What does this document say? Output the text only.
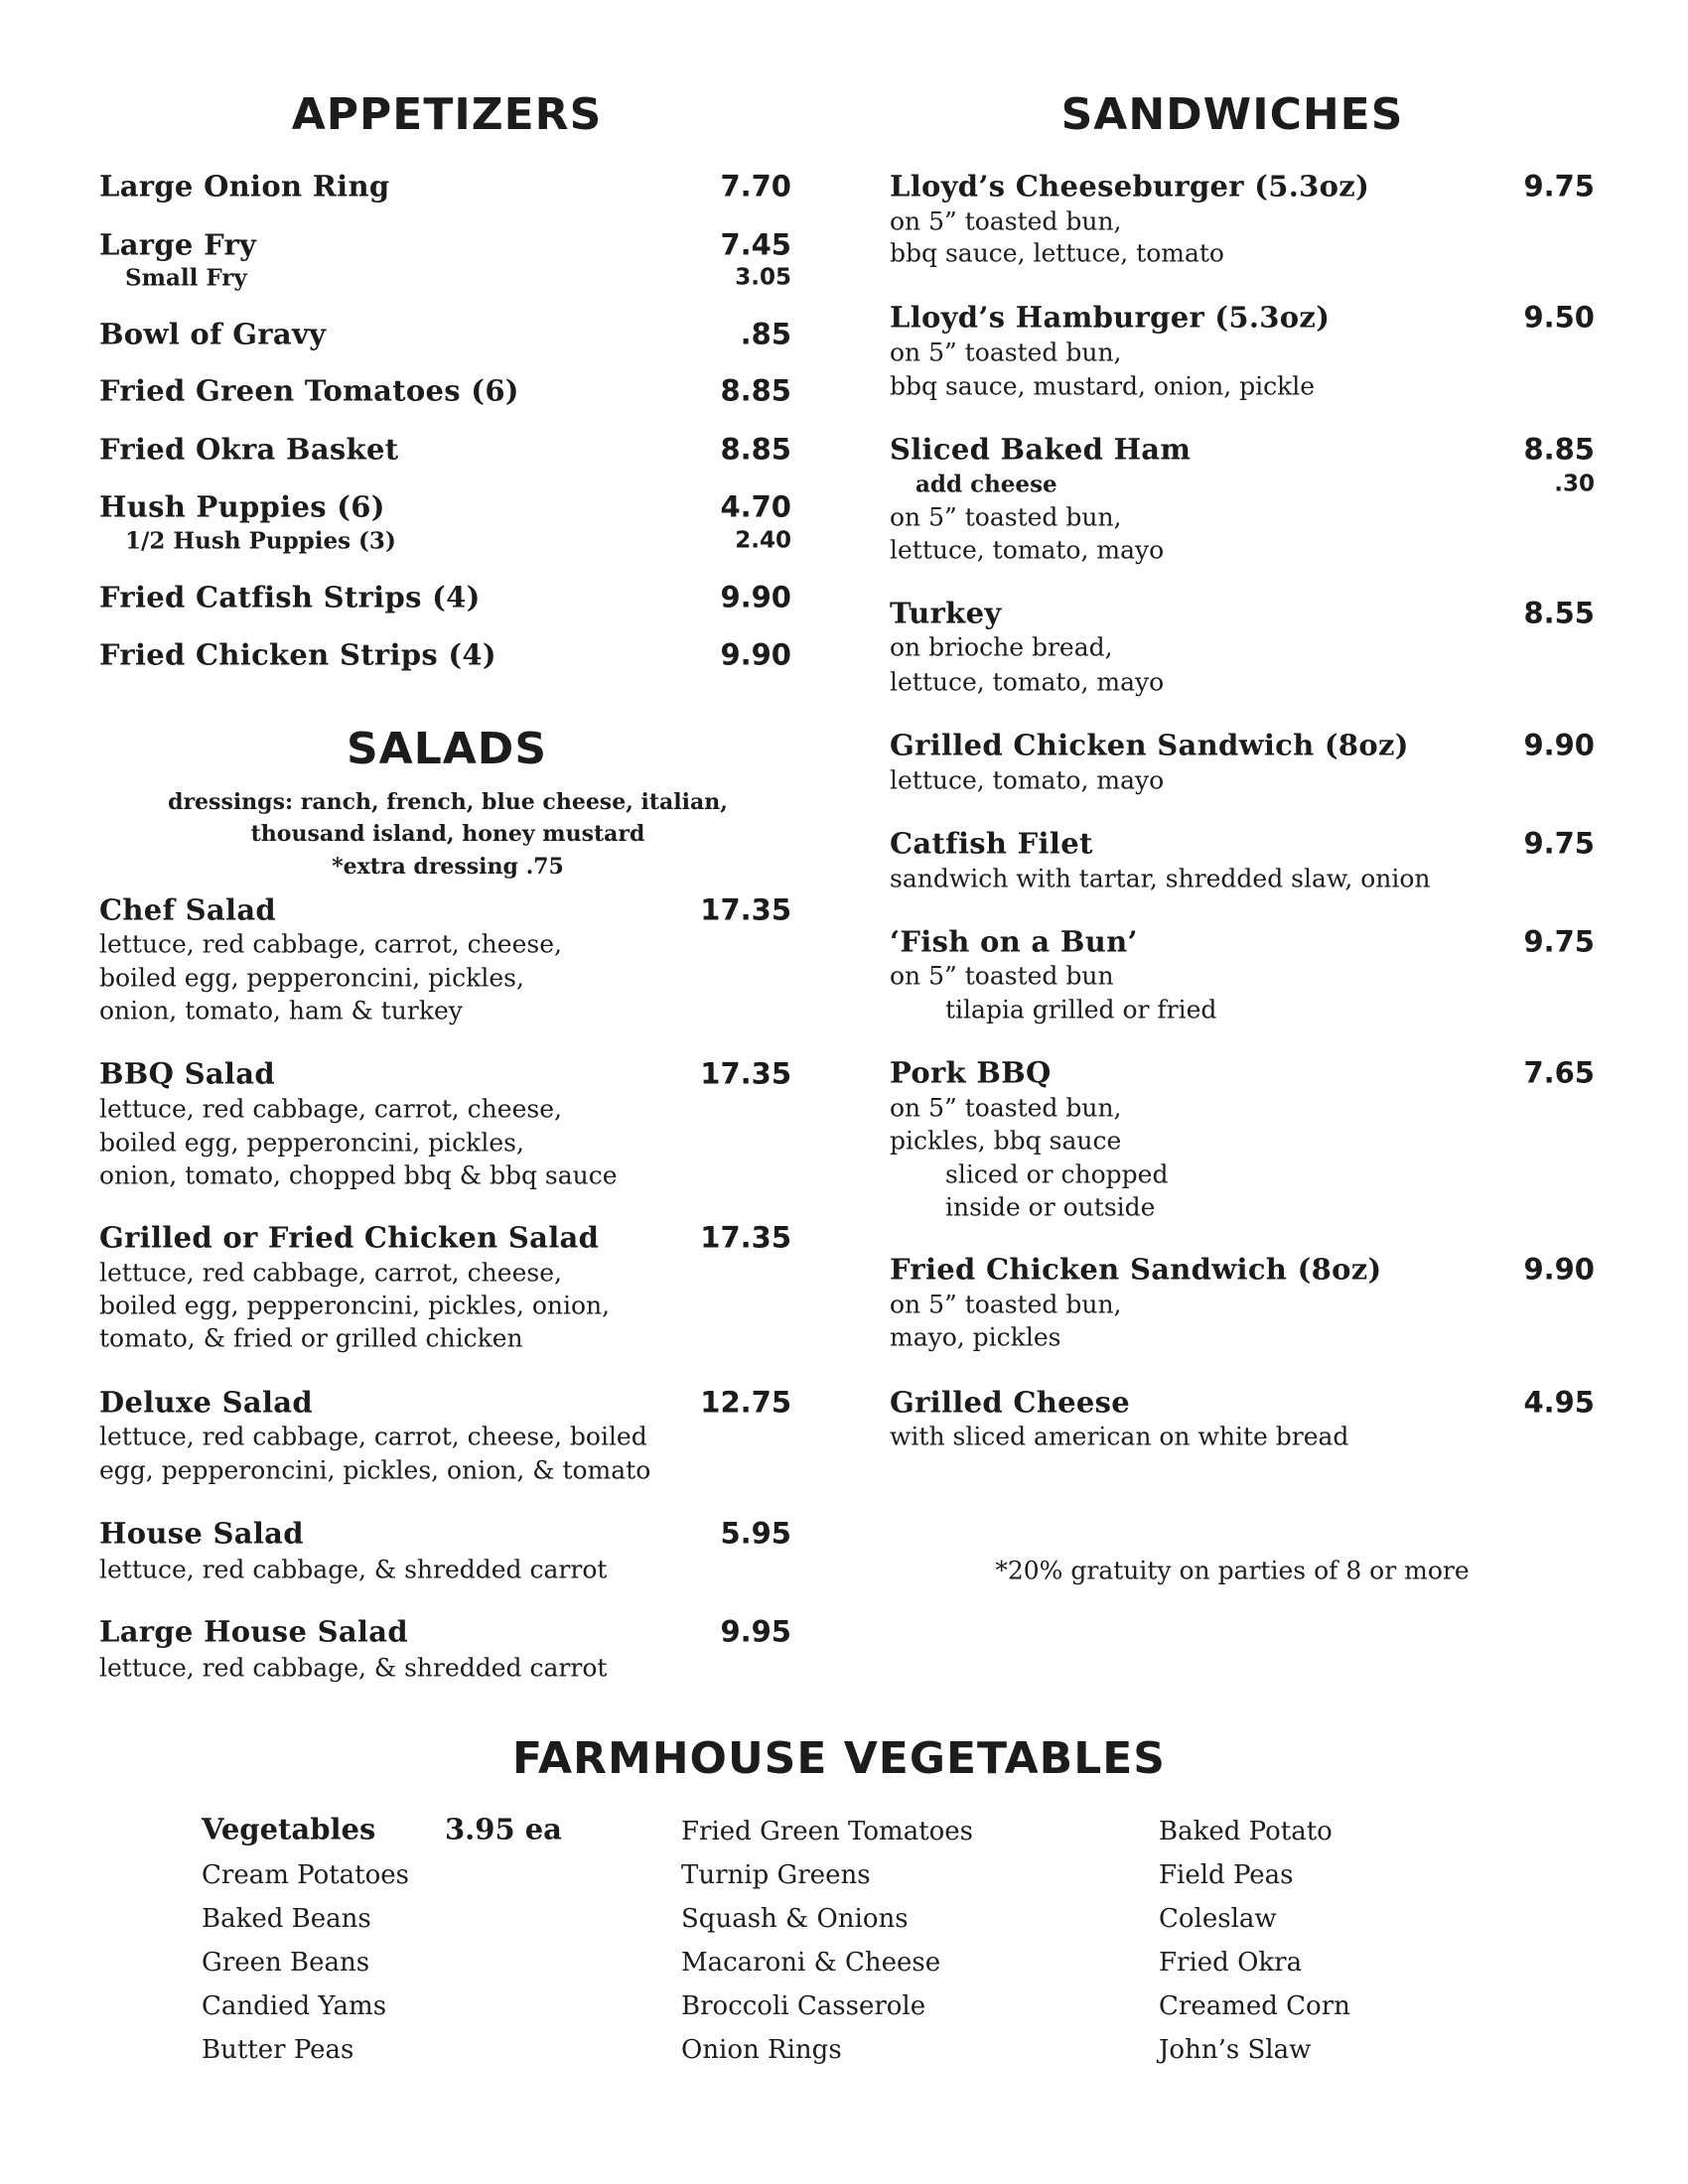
APPETIZERS
Large Onion Ring	7.70
Large Fry	7.45
Small Fry	3.05
Bowl of Gravy	.85
Fried Green Tomatoes (6)	8.85
Fried Okra Basket	8.85
Hush Puppies (6)	4.70
1/2 Hush Puppies (3)	2.40
Fried Catfish Strips (4)	9.90
Fried Chicken Strips (4)	9.90
SALADS
dressings: ranch, french, blue cheese, italian,
thousand island, honey mustard
*extra dressing .75
Chef Salad	17.35
lettuce, red cabbage, carrot, cheese,
boiled egg, pepperoncini, pickles,
onion, tomato, ham & turkey
BBQ Salad	17.35
lettuce, red cabbage, carrot, cheese,
boiled egg, pepperoncini, pickles,
onion, tomato, chopped bbq & bbq sauce
Grilled or Fried Chicken Salad	17.35
lettuce, red cabbage, carrot, cheese,
boiled egg, pepperoncini, pickles, onion,
tomato, & fried or grilled chicken
Deluxe Salad	12.75
lettuce, red cabbage, carrot, cheese, boiled
egg, pepperoncini, pickles, onion, & tomato
House Salad	5.95
lettuce, red cabbage, & shredded carrot
Large House Salad	9.95
lettuce, red cabbage, & shredded carrot
SANDWICHES
Lloyd’s Cheeseburger (5.3oz)	9.75
on 5” toasted bun,
bbq sauce, lettuce, tomato
Lloyd’s Hamburger (5.3oz)	9.50
on 5” toasted bun,
bbq sauce, mustard, onion, pickle
Sliced Baked Ham	8.85
add cheese	.30
on 5” toasted bun,
lettuce, tomato, mayo
Turkey	8.55
on brioche bread,
lettuce, tomato, mayo
Grilled Chicken Sandwich (8oz)	9.90
lettuce, tomato, mayo
Catfish Filet	9.75
sandwich with tartar, shredded slaw, onion
‘Fish on a Bun’	9.75
on 5” toasted bun
tilapia grilled or fried
Pork BBQ	7.65
on 5” toasted bun,
pickles, bbq sauce
sliced or chopped
inside or outside
Fried Chicken Sandwich (8oz)	9.90
on 5” toasted bun,
mayo, pickles
Grilled Cheese	4.95
with sliced american on white bread
*20% gratuity on parties of 8 or more
FARMHOUSE VEGETABLES
Vegetables 3.95 ea
Cream Potatoes
Baked Beans
Green Beans
Candied Yams
Butter Peas
Fried Green Tomatoes
Turnip Greens
Squash & Onions
Macaroni & Cheese
Broccoli Casserole
Onion Rings
Baked Potato
Field Peas
Coleslaw
Fried Okra
Creamed Corn
John’s Slaw
